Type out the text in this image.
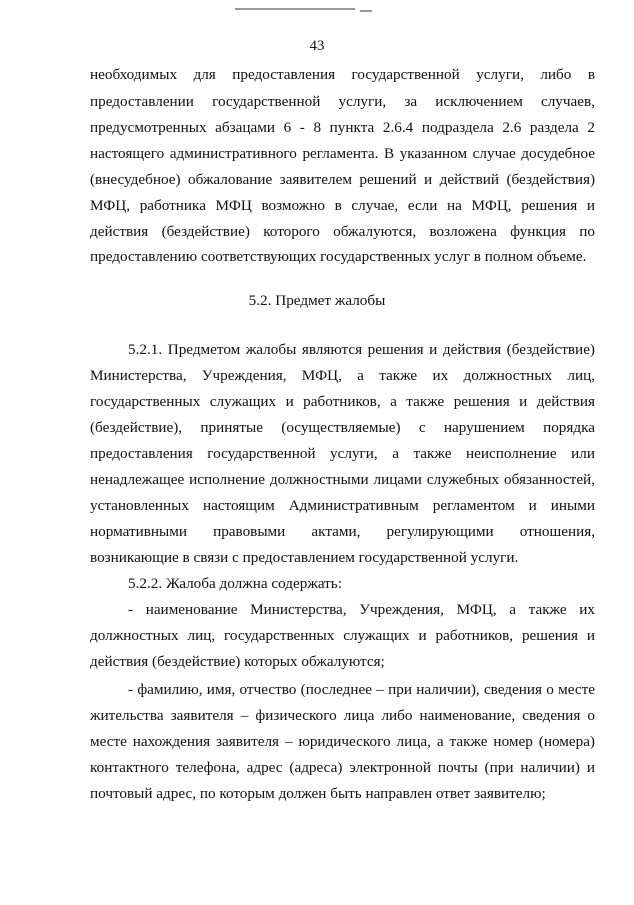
43
необходимых для предоставления государственной услуги, либо в
предоставлении государственной услуги, за исключением случаев,
предусмотренных абзацами 6 - 8 пункта 2.6.4 подраздела 2.6 раздела 2
настоящего административного регламента. В указанном случае досудебное
(внесудебное) обжалование заявителем решений и действий (бездействия)
МФЦ, работника МФЦ возможно в случае, если на МФЦ, решения и
действия (бездействие) которого обжалуются, возложена функция по
предоставлению соответствующих государственных услуг в полном объеме.
5.2. Предмет жалобы
5.2.1. Предметом жалобы являются решения и действия (бездействие)
Министерства, Учреждения, МФЦ, а также их должностных лиц,
государственных служащих и работников, а также решения и действия
(бездействие), принятые (осуществляемые) с нарушением порядка
предоставления государственной услуги, а также неисполнение или
ненадлежащее исполнение должностными лицами служебных обязанностей,
установленных настоящим Административным регламентом и иными
нормативными правовыми актами, регулирующими отношения,
возникающие в связи с предоставлением государственной услуги.
5.2.2. Жалоба должна содержать:
- наименование Министерства, Учреждения, МФЦ, а также их
должностных лиц, государственных служащих и работников, решения и
действия (бездействие) которых обжалуются;
- фамилию, имя, отчество (последнее – при наличии), сведения о месте
жительства заявителя – физического лица либо наименование, сведения о
месте нахождения заявителя – юридического лица, а также номер (номера)
контактного телефона, адрес (адреса) электронной почты (при наличии) и
почтовый адрес, по которым должен быть направлен ответ заявителю;
